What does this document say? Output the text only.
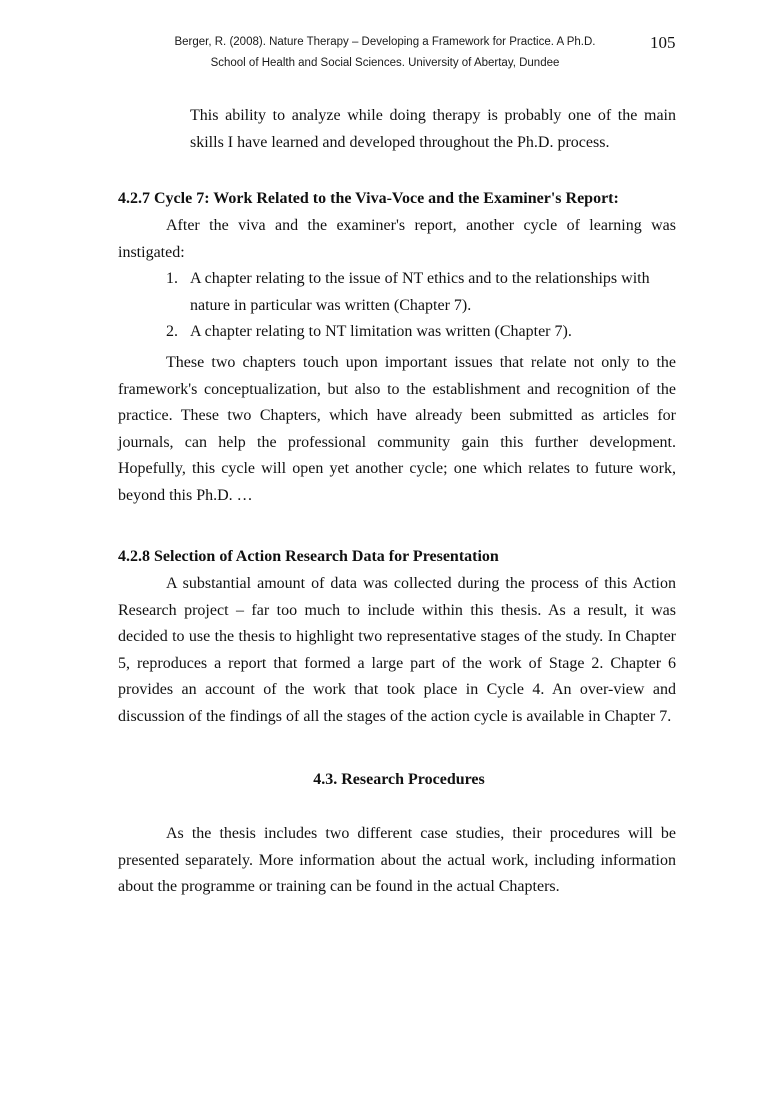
Berger, R. (2008). Nature Therapy – Developing a Framework for Practice. A Ph.D.
School of Health and Social Sciences. University of Abertay, Dundee
105

This ability to analyze while doing therapy is probably one of the main skills I have learned and developed throughout the Ph.D. process.

4.2.7 Cycle 7: Work Related to the Viva-Voce and the Examiner's Report:

After the viva and the examiner's report, another cycle of learning was instigated:

1. A chapter relating to the issue of NT ethics and to the relationships with nature in particular was written (Chapter 7).
2. A chapter relating to NT limitation was written (Chapter 7).

These two chapters touch upon important issues that relate not only to the framework's conceptualization, but also to the establishment and recognition of the practice. These two Chapters, which have already been submitted as articles for journals, can help the professional community gain this further development. Hopefully, this cycle will open yet another cycle; one which relates to future work, beyond this Ph.D. …

4.2.8 Selection of Action Research Data for Presentation

A substantial amount of data was collected during the process of this Action Research project – far too much to include within this thesis. As a result, it was decided to use the thesis to highlight two representative stages of the study. In Chapter 5, reproduces a report that formed a large part of the work of Stage 2. Chapter 6 provides an account of the work that took place in Cycle 4. An over-view and discussion of the findings of all the stages of the action cycle is available in Chapter 7.

4.3. Research Procedures

As the thesis includes two different case studies, their procedures will be presented separately. More information about the actual work, including information about the programme or training can be found in the actual Chapters.
